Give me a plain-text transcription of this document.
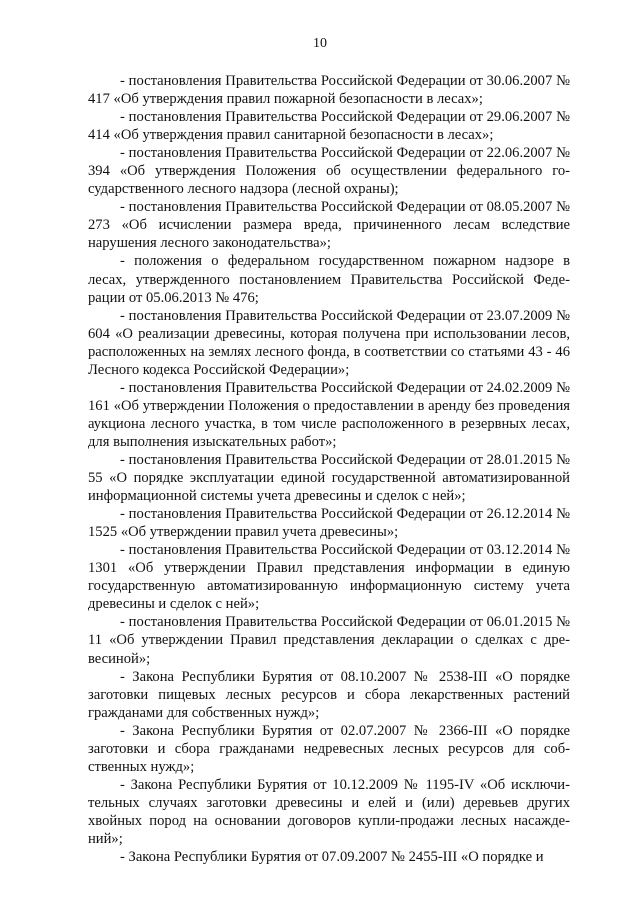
10

- постановления Правительства Российской Федерации от 30.06.2007 № 417 «Об утверждения правил пожарной безопасности в лесах»;

- постановления Правительства Российской Федерации от 29.06.2007 № 414 «Об утверждения правил санитарной безопасности в лесах»;

- постановления Правительства Российской Федерации от 22.06.2007 № 394 «Об утверждения Положения об осуществлении федерального государственного лесного надзора (лесной охраны);

- постановления Правительства Российской Федерации от 08.05.2007 № 273 «Об исчислении размера вреда, причиненного лесам вследствие нарушения лесного законодательства»;

- положения о федеральном государственном пожарном надзоре в лесах, утвержденного постановлением Правительства Российской Федерации от 05.06.2013 № 476;

- постановления Правительства Российской Федерации от 23.07.2009 № 604 «О реализации древесины, которая получена при использовании лесов, расположенных на землях лесного фонда, в соответствии со статьями 43 - 46 Лесного кодекса Российской Федерации»;

- постановления Правительства Российской Федерации от 24.02.2009 № 161 «Об утверждении Положения о предоставлении в аренду без проведения аукциона лесного участка, в том числе расположенного в резервных лесах, для выполнения изыскательных работ»;

- постановления Правительства Российской Федерации от 28.01.2015 № 55 «О порядке эксплуатации единой государственной автоматизированной информационной системы учета древесины и сделок с ней»;

- постановления Правительства Российской Федерации от 26.12.2014 № 1525 «Об утверждении правил учета древесины»;

- постановления Правительства Российской Федерации от 03.12.2014 № 1301 «Об утверждении Правил представления информации в единую государственную автоматизированную информационную систему учета древесины и сделок с ней»;

- постановления Правительства Российской Федерации от 06.01.2015 № 11 «Об утверждении Правил представления декларации о сделках с древесиной»;

- Закона Республики Бурятия от 08.10.2007 № 2538-III «О порядке заготовки пищевых лесных ресурсов и сбора лекарственных растений гражданами для собственных нужд»;

- Закона Республики Бурятия от 02.07.2007 № 2366-III «О порядке заготовки и сбора гражданами недревесных лесных ресурсов для собственных нужд»;

- Закона Республики Бурятия от 10.12.2009 № 1195-IV «Об исключительных случаях заготовки древесины и елей и (или) деревьев других хвойных пород на основании договоров купли-продажи лесных насаждений»;

- Закона Республики Бурятия от 07.09.2007 № 2455-III «О порядке и
